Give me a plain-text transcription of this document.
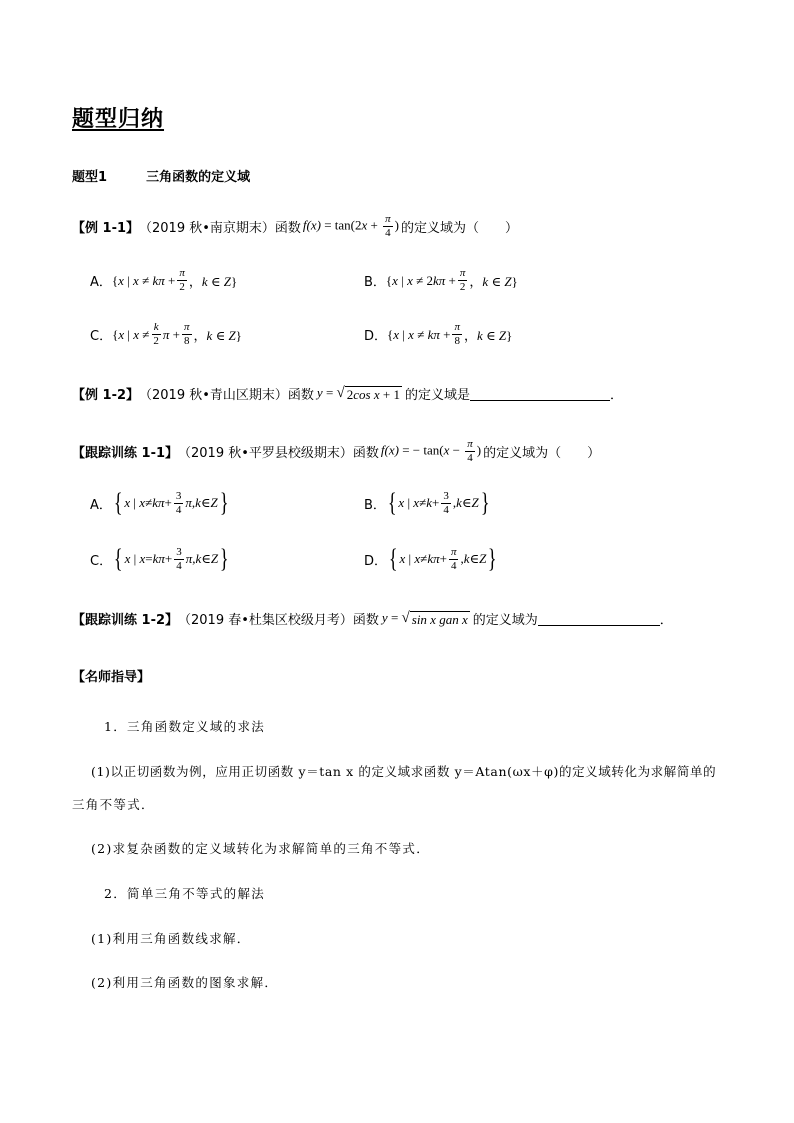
题型归纳
题型1	三角函数的定义域
【例 1-1】 （2019 秋•南京期末）函数 $f(x) = \tan(2x + \frac{\pi}{4}$ ) 的定义域为（　　）
A． {x | $x \ne k\pi + \frac{\pi}{2}$ ，k ∈ Z}	B． {x | $x \ne 2k\pi + \frac{\pi}{2}$ ，k ∈ Z}
C． {x | $x \ne \frac{k}{2}$ $\pi + \frac{\pi}{8}$ ，k ∈ Z}	D． {x | $x \ne k\pi + \frac{\pi}{8}$ ，k ∈ Z}
【例 1-2】 （2019 秋•青山区期末）函数 y = √ 2cos x + 1 的定义域是	．
【跟踪训练 1-1】 （2019 秋•平罗县校级期末）函数 f(x) = − $\tan(x - \frac{\pi}{4}$ ) 的定义域为（　　）
A． { x | $x \ne k\pi + \frac{3}{4}$ π , k ∈ Z }	B． { x | $x \ne k + \frac{3}{4}$ , k ∈ Z }
C． { x | $x = k\pi + \frac{3}{4}$ π , k ∈ Z }	D． { x | $x \ne k\pi + \frac{\pi}{4}$ , k ∈ Z }
【跟踪训练 1-2】 （2019 春•杜集区校级月考）函数 y = √ sin x gan x 的定义域为	．
【名师指导】
1．三角函数定义域的求法
(1)以正切函数为例，应用正切函数 y＝tan x 的定义域求函数 y＝Atan(ωx＋φ)的定义域转化为求解简单的
三角不等式．
(2)求复杂函数的定义域转化为求解简单的三角不等式．
2．简单三角不等式的解法
(1)利用三角函数线求解．
(2)利用三角函数的图象求解．
